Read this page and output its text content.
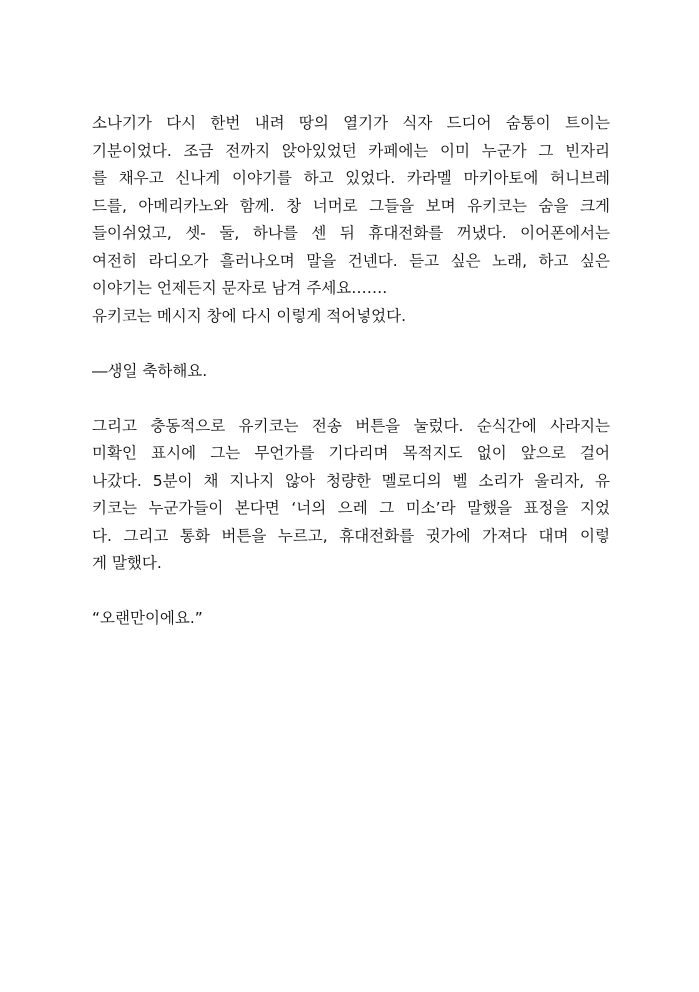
소나기가 다시 한번 내려 땅의 열기가 식자 드디어 숨통이 트이는
기분이었다. 조금 전까지 앉아있었던 카페에는 이미 누군가 그 빈자리
를 채우고 신나게 이야기를 하고 있었다. 카라멜 마키아토에 허니브레
드를, 아메리카노와 함께. 창 너머로 그들을 보며 유키코는 숨을 크게
들이쉬었고, 셋- 둘, 하나를 센 뒤 휴대전화를 꺼냈다. 이어폰에서는
여전히 라디오가 흘러나오며 말을 건넨다. 듣고 싶은 노래, 하고 싶은
이야기는 언제든지 문자로 남겨 주세요…….
유키코는 메시지 창에 다시 이렇게 적어넣었다.
―생일 축하해요.
그리고 충동적으로 유키코는 전송 버튼을 눌렀다. 순식간에 사라지는
미확인 표시에 그는 무언가를 기다리며 목적지도 없이 앞으로 걸어
나갔다. 5분이 채 지나지 않아 청량한 멜로디의 벨 소리가 울리자, 유
키코는 누군가들이 본다면 ‘너의 으레 그 미소’라 말했을 표정을 지었
다. 그리고 통화 버튼을 누르고, 휴대전화를 귓가에 가져다 대며 이렇
게 말했다.
“오랜만이에요.”
